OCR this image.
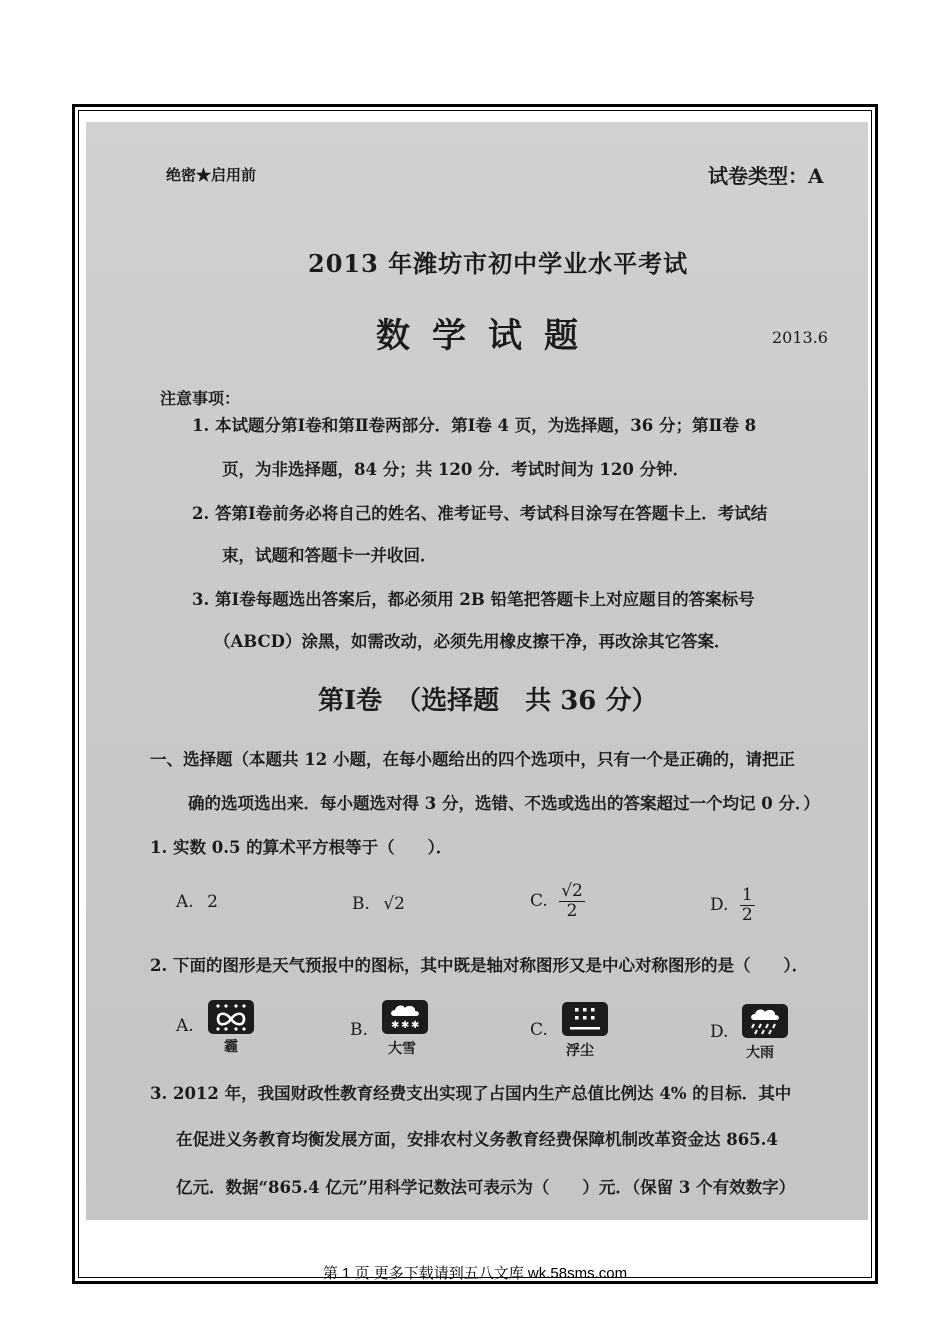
绝密★启用前	试卷类型：A
2013 年潍坊市初中学业水平考试
数学试题	2013.6
注意事项：
1. 本试题分第Ⅰ卷和第Ⅱ卷两部分．第Ⅰ卷 4 页，为选择题，36 分；第Ⅱ卷 8
页，为非选择题，84 分；共 120 分．考试时间为 120 分钟．
2. 答第Ⅰ卷前务必将自己的姓名、准考证号、考试科目涂写在答题卡上．考试结
束，试题和答题卡一并收回．
3. 第Ⅰ卷每题选出答案后，都必须用 2B 铅笔把答题卡上对应题目的答案标号
（ABCD）涂黑，如需改动，必须先用橡皮擦干净，再改涂其它答案．
第Ⅰ卷　（选择题　共 36 分）
一、选择题（本题共 12 小题，在每小题给出的四个选项中，只有一个是正确的，请把正
确的选项选出来．每小题选对得 3 分，选错、不选或选出的答案超过一个均记 0 分．）
1. 实数 0.5 的算术平方根等于（　　）．
A. 2	B. √2	C. $\frac{√2}{2}$	D. $\frac{1}{2}$
2. 下面的图形是天气预报中的图标，其中既是轴对称图形又是中心对称图形的是（　　）．
A.
霾
B. ✱ ✱ ✱
大雪
C.
浮尘
D.
大雨
3. 2012 年，我国财政性教育经费支出实现了占国内生产总值比例达 4% 的目标．其中
在促进义务教育均衡发展方面，安排农村义务教育经费保障机制改革资金达 865.4
亿元．数据“865.4 亿元”用科学记数法可表示为（　　）元．（保留 3 个有效数字）
第 1 页 更多下载请到五八文库 wk.58sms.com
